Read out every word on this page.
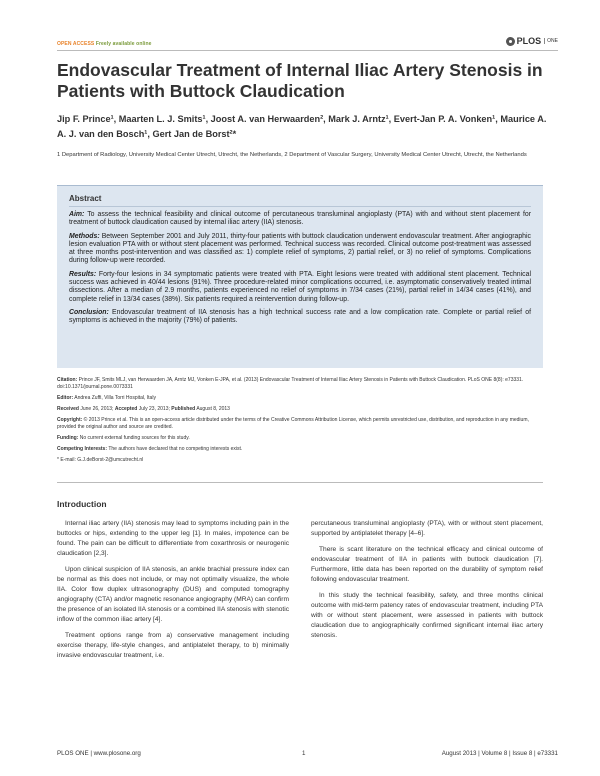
OPEN ACCESS Freely available online	PLOS	ONE
Endovascular Treatment of Internal Iliac Artery Stenosis in Patients with Buttock Claudication
Jip F. Prince¹, Maarten L. J. Smits¹, Joost A. van Herwaarden², Mark J. Arntz¹, Evert-Jan P. A. Vonken¹, Maurice A. A. J. van den Bosch¹, Gert Jan de Borst²*
1 Department of Radiology, University Medical Center Utrecht, Utrecht, the Netherlands, 2 Department of Vascular Surgery, University Medical Center Utrecht, Utrecht, the Netherlands
Abstract

Aim: To assess the technical feasibility and clinical outcome of percutaneous transluminal angioplasty (PTA) with and without stent placement for treatment of buttock claudication caused by internal iliac artery (IIA) stenosis.

Methods: Between September 2001 and July 2011, thirty-four patients with buttock claudication underwent endovascular treatment. After angiographic lesion evaluation PTA with or without stent placement was performed. Technical success was recorded. Clinical outcome post-treatment was assessed at three months post-intervention and was classified as: 1) complete relief of symptoms, 2) partial relief, or 3) no relief of symptoms. Complications during follow-up were recorded.

Results: Forty-four lesions in 34 symptomatic patients were treated with PTA. Eight lesions were treated with additional stent placement. Technical success was achieved in 40/44 lesions (91%). Three procedure-related minor complications occurred, i.e. asymptomatic conservatively treated intimal dissections. After a median of 2.9 months, patients experienced no relief of symptoms in 7/34 cases (21%), partial relief in 14/34 cases (41%), and complete relief in 13/34 cases (38%). Six patients required a reintervention during follow-up.

Conclusion: Endovascular treatment of IIA stenosis has a high technical success rate and a low complication rate. Complete or partial relief of symptoms is achieved in the majority (79%) of patients.

Citation: Prince JF, Smits MLJ, van Herwaarden JA, Arntz MJ, Vonken E-JPA, et al. (2013) Endovascular Treatment of Internal Iliac Artery Stenosis in Patients with Buttock Claudication. PLoS ONE 8(8): e73331. doi:10.1371/journal.pone.0073331

Editor: Andrea Zuffi, Villa Torri Hospital, Italy

Received June 26, 2013; Accepted July 23, 2013; Published August 8, 2013

Copyright: © 2013 Prince et al. This is an open-access article distributed under the terms of the Creative Commons Attribution License, which permits unrestricted use, distribution, and reproduction in any medium, provided the original author and source are credited.

Funding: No current external funding sources for this study.

Competing Interests: The authors have declared that no competing interests exist.

* E-mail: G.J.deBorst-2@umcutrecht.nl

Introduction

Internal iliac artery (IIA) stenosis may lead to symptoms including pain in the buttocks or hips, extending to the upper leg [1]. In males, impotence can be found. The pain can be difficult to differentiate from coxarthrosis or neurogenic claudication [2,3].

Upon clinical suspicion of IIA stenosis, an ankle brachial pressure index can be normal as this does not include, or may not optimally visualize, the whole IIA. Color flow duplex ultrasonography (DUS) and computed tomography angiography (CTA) and/or magnetic resonance angiography (MRA) can confirm the presence of an isolated IIA stenosis or a combined IIA stenosis with stenotic inflow of the common iliac artery [4].

Treatment options range from a) conservative management including exercise therapy, life-style changes, and antiplatelet therapy, to b) minimally invasive endovascular treatment, i.e.

percutaneous transluminal angioplasty (PTA), with or without stent placement, supported by antiplatelet therapy [4–6].

There is scant literature on the technical efficacy and clinical outcome of endovascular treatment of IIA in patients with buttock claudication [7]. Furthermore, little data has been reported on the durability of symptom relief following endovascular treatment.

In this study the technical feasibility, safety, and three months clinical outcome with mid-term patency rates of endovascular treatment, including PTA with or without stent placement, were assessed in patients with buttock claudication due to angiographically confirmed significant internal iliac artery stenosis.

PLOS ONE | www.plosone.org	1	August 2013 | Volume 8 | Issue 8 | e73331
